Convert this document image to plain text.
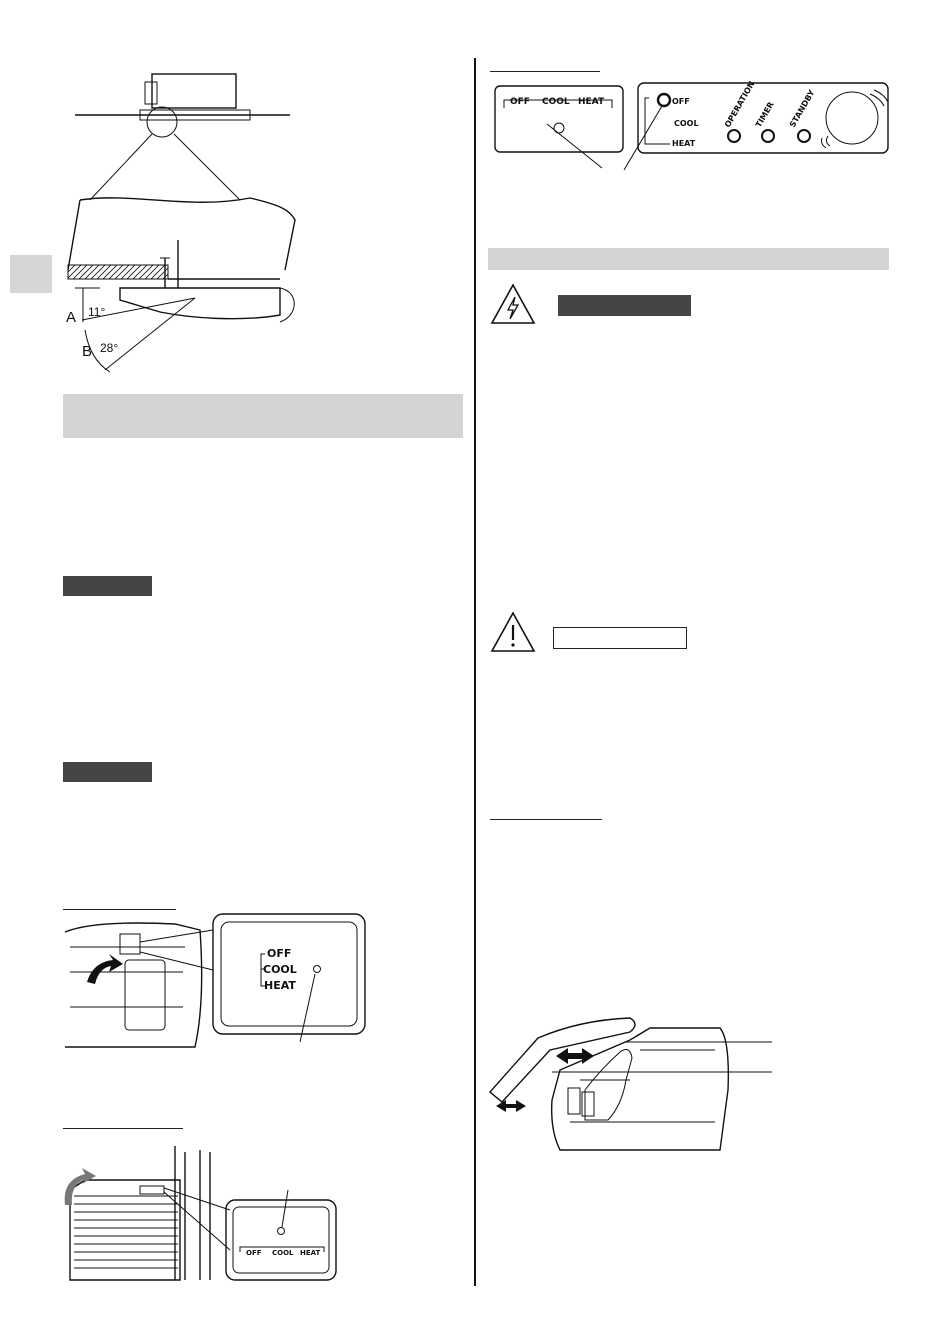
A 11°
B 28°
OFF
COOL
HEAT
OFF COOL HEAT
OFF COOL HEAT	OFF
COOL
HEAT
OPERATION
TIMER STANDBY
